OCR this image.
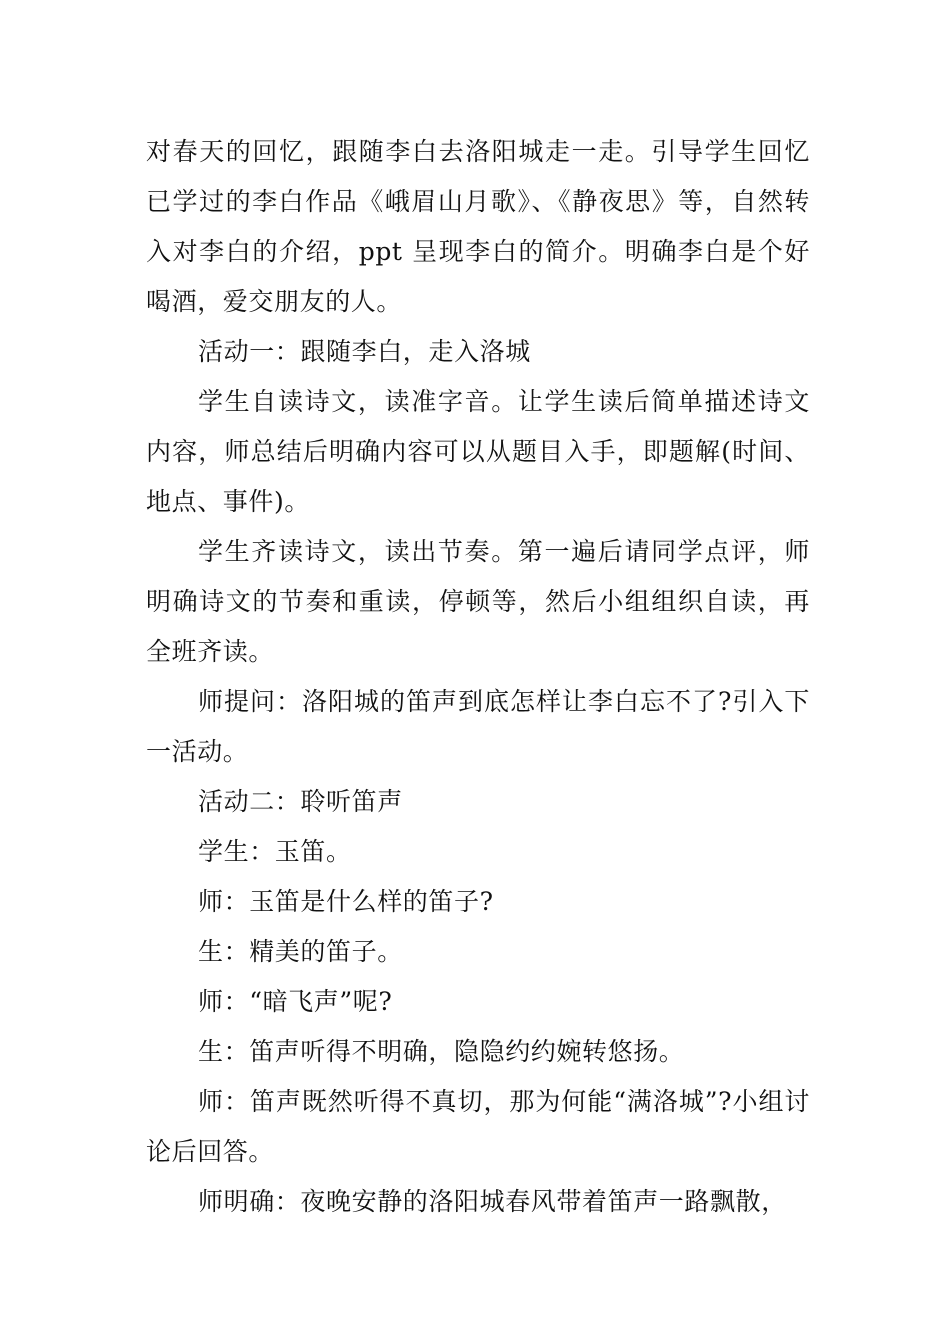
对春天的回忆，跟随李白去洛阳城走一走。引导学生回忆已学过的李白作品《峨眉山月歌》、《静夜思》等，自然转入对李白的介绍，ppt 呈现李白的简介。明确李白是个好喝酒，爱交朋友的人。

活动一：跟随李白，走入洛城

学生自读诗文，读准字音。让学生读后简单描述诗文内容，师总结后明确内容可以从题目入手，即题解(时间、地点、事件)。

学生齐读诗文，读出节奏。第一遍后请同学点评，师明确诗文的节奏和重读，停顿等，然后小组组织自读，再全班齐读。

师提问：洛阳城的笛声到底怎样让李白忘不了?引入下一活动。

活动二：聆听笛声

学生：玉笛。

师：玉笛是什么样的笛子?

生：精美的笛子。

师：“暗飞声”呢?

生：笛声听得不明确，隐隐约约婉转悠扬。

师：笛声既然听得不真切，那为何能“满洛城”?小组讨论后回答。

师明确：夜晚安静的洛阳城春风带着笛声一路飘散，
